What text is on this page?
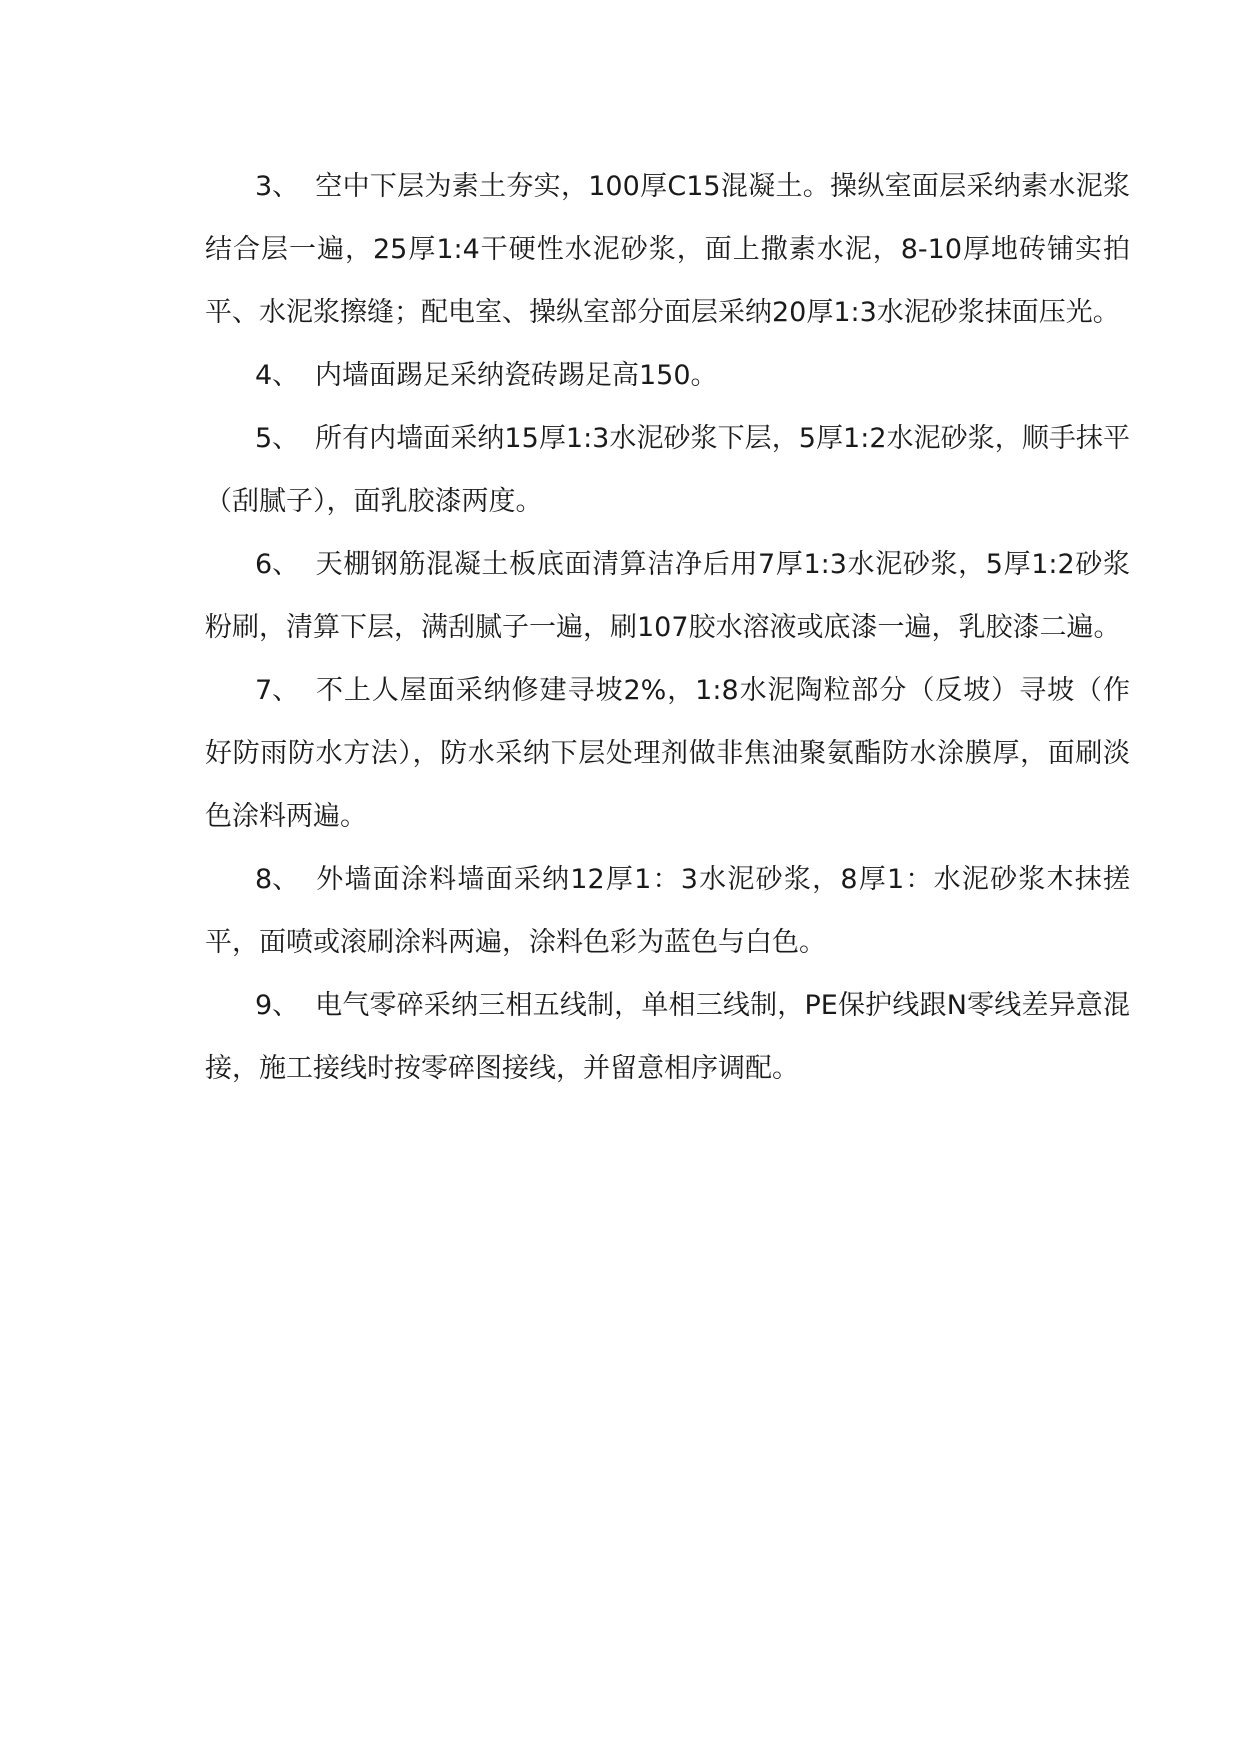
3、 空中下层为素土夯实，100厚C15混凝土。操纵室面层采纳素水泥浆结合层一遍，25厚1:4干硬性水泥砂浆，面上撒素水泥，8-10厚地砖铺实拍平、水泥浆擦缝；配电室、操纵室部分面层采纳20厚1:3水泥砂浆抹面压光。

4、 内墙面踢足采纳瓷砖踢足高150。

5、 所有内墙面采纳15厚1:3水泥砂浆下层，5厚1:2水泥砂浆，顺手抹平（刮腻子），面乳胶漆两度。

6、 天棚钢筋混凝土板底面清算洁净后用7厚1:3水泥砂浆，5厚1:2砂浆粉刷，清算下层，满刮腻子一遍，刷107胶水溶液或底漆一遍，乳胶漆二遍。

7、 不上人屋面采纳修建寻坡2%，1:8水泥陶粒部分（反坡）寻坡（作好防雨防水方法），防水采纳下层处理剂做非焦油聚氨酯防水涂膜厚，面刷淡色涂料两遍。

8、 外墙面涂料墙面采纳12厚1：3水泥砂浆，8厚1：水泥砂浆木抹搓平，面喷或滚刷涂料两遍，涂料色彩为蓝色与白色。

9、 电气零碎采纳三相五线制，单相三线制，PE保护线跟N零线差异意混接，施工接线时按零碎图接线，并留意相序调配。
